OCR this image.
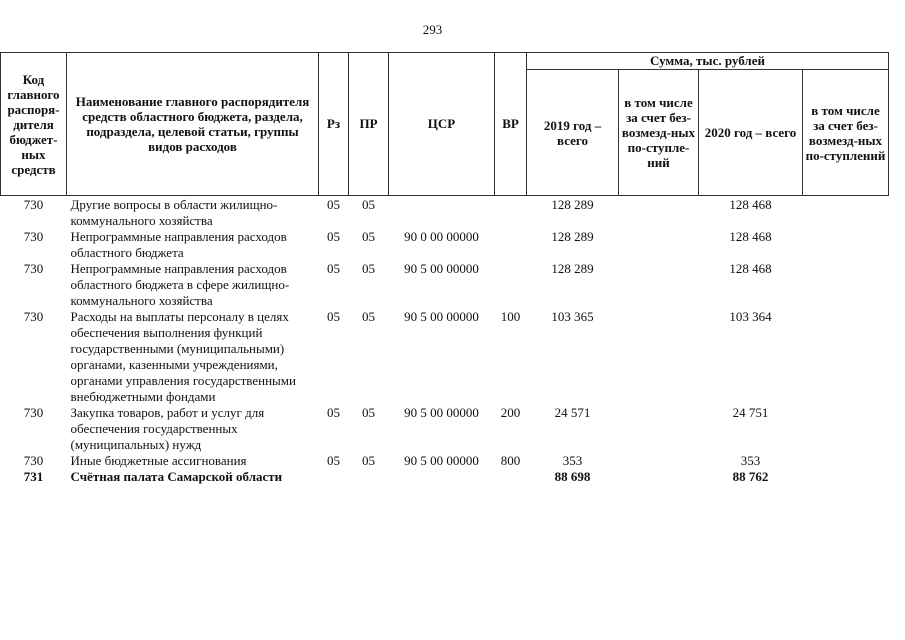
293
Код главного распоря-дителя бюджет-ных средств	Наименование главного распорядителя средств областного бюджета, раздела, подраздела, целевой статьи, группы видов расходов	Рз	ПР	ЦСР	ВР	Сумма, тыс. рублей			
						2019 год – всего	в том числе за счет без-возмезд-ных по-ступле-ний	2020 год – всего	в том числе за счет без-возмезд-ных по-ступлений
730	Другие вопросы в области жилищно-коммунального хозяйства	05	05			128 289		128 468	
730	Непрограммные направления расходов областного бюджета	05	05	90 0 00 00000		128 289		128 468	
730	Непрограммные направления расходов областного бюджета в сфере жилищно-коммунального хозяйства	05	05	90 5 00 00000		128 289		128 468	
730	Расходы на выплаты персоналу в целях обеспечения выполнения функций государственными (муниципальными) органами, казенными учреждениями, органами управления государственными внебюджетными фондами	05	05	90 5 00 00000	100	103 365		103 364	
730	Закупка товаров, работ и услуг для обеспечения государственных (муниципальных) нужд	05	05	90 5 00 00000	200	24 571		24 751	
730	Иные бюджетные ассигнования	05	05	90 5 00 00000	800	353		353	
731	Счётная палата Самарской области					88 698		88 762	
